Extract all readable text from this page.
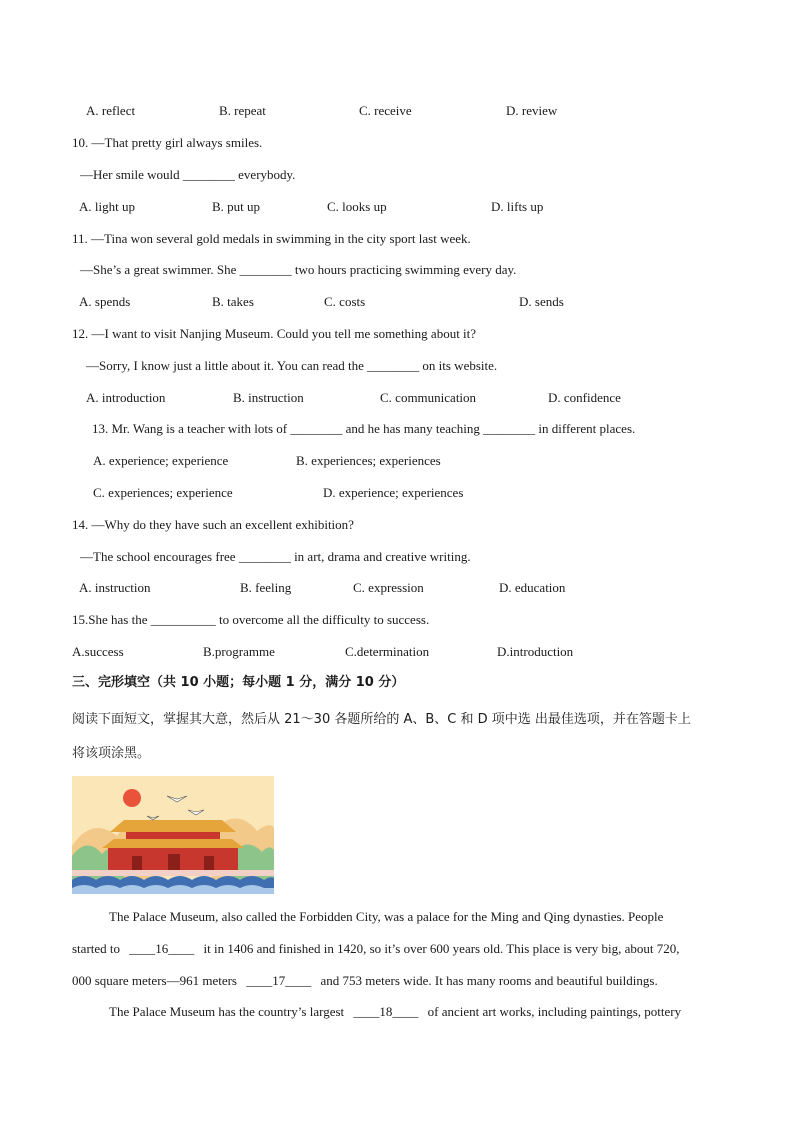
A. reflect	B. repeat	C. receive	D. review
10. —That pretty girl always smiles.
—Her smile would ________ everybody.
A. light up	B. put up	C. looks up	D. lifts up
11. —Tina won several gold medals in swimming in the city sport last week.
—She’s a great swimmer. She ________ two hours practicing swimming every day.
A. spends	B. takes	C. costs	D. sends
12. —I want to visit Nanjing Museum. Could you tell me something about it?
—Sorry, I know just a little about it. You can read the ________ on its website.
A. introduction	B. instruction	C. communication	D. confidence
13. Mr. Wang is a teacher with lots of ________ and he has many teaching ________ in different places.
A. experience; experience	B. experiences; experiences
C. experiences; experience	D. experience; experiences
14. —Why do they have such an excellent exhibition?
—The school encourages free ________ in art, drama and creative writing.
A. instruction	B. feeling	C. expression	D. education
15.She has the __________ to overcome all the difficulty to success.
A.success	B.programme	C.determination	D.introduction
三、完形填空（共 10 小题；每小题 1 分，满分 10 分）
阅读下面短文，掌握其大意，然后从 21～30 各题所给的 A、B、C 和 D 项中选 出最佳选项，并在答题卡上
将该项涂黑。
The Palace Museum, also called the Forbidden City, was a palace for the Ming and Qing dynasties. People
started to ____16____ it in 1406 and finished in 1420, so it’s over 600 years old. This place is very big, about 720,
000 square meters—961 meters ____17____ and 753 meters wide. It has many rooms and beautiful buildings.
The Palace Museum has the country’s largest ____18____ of ancient art works, including paintings, pottery
